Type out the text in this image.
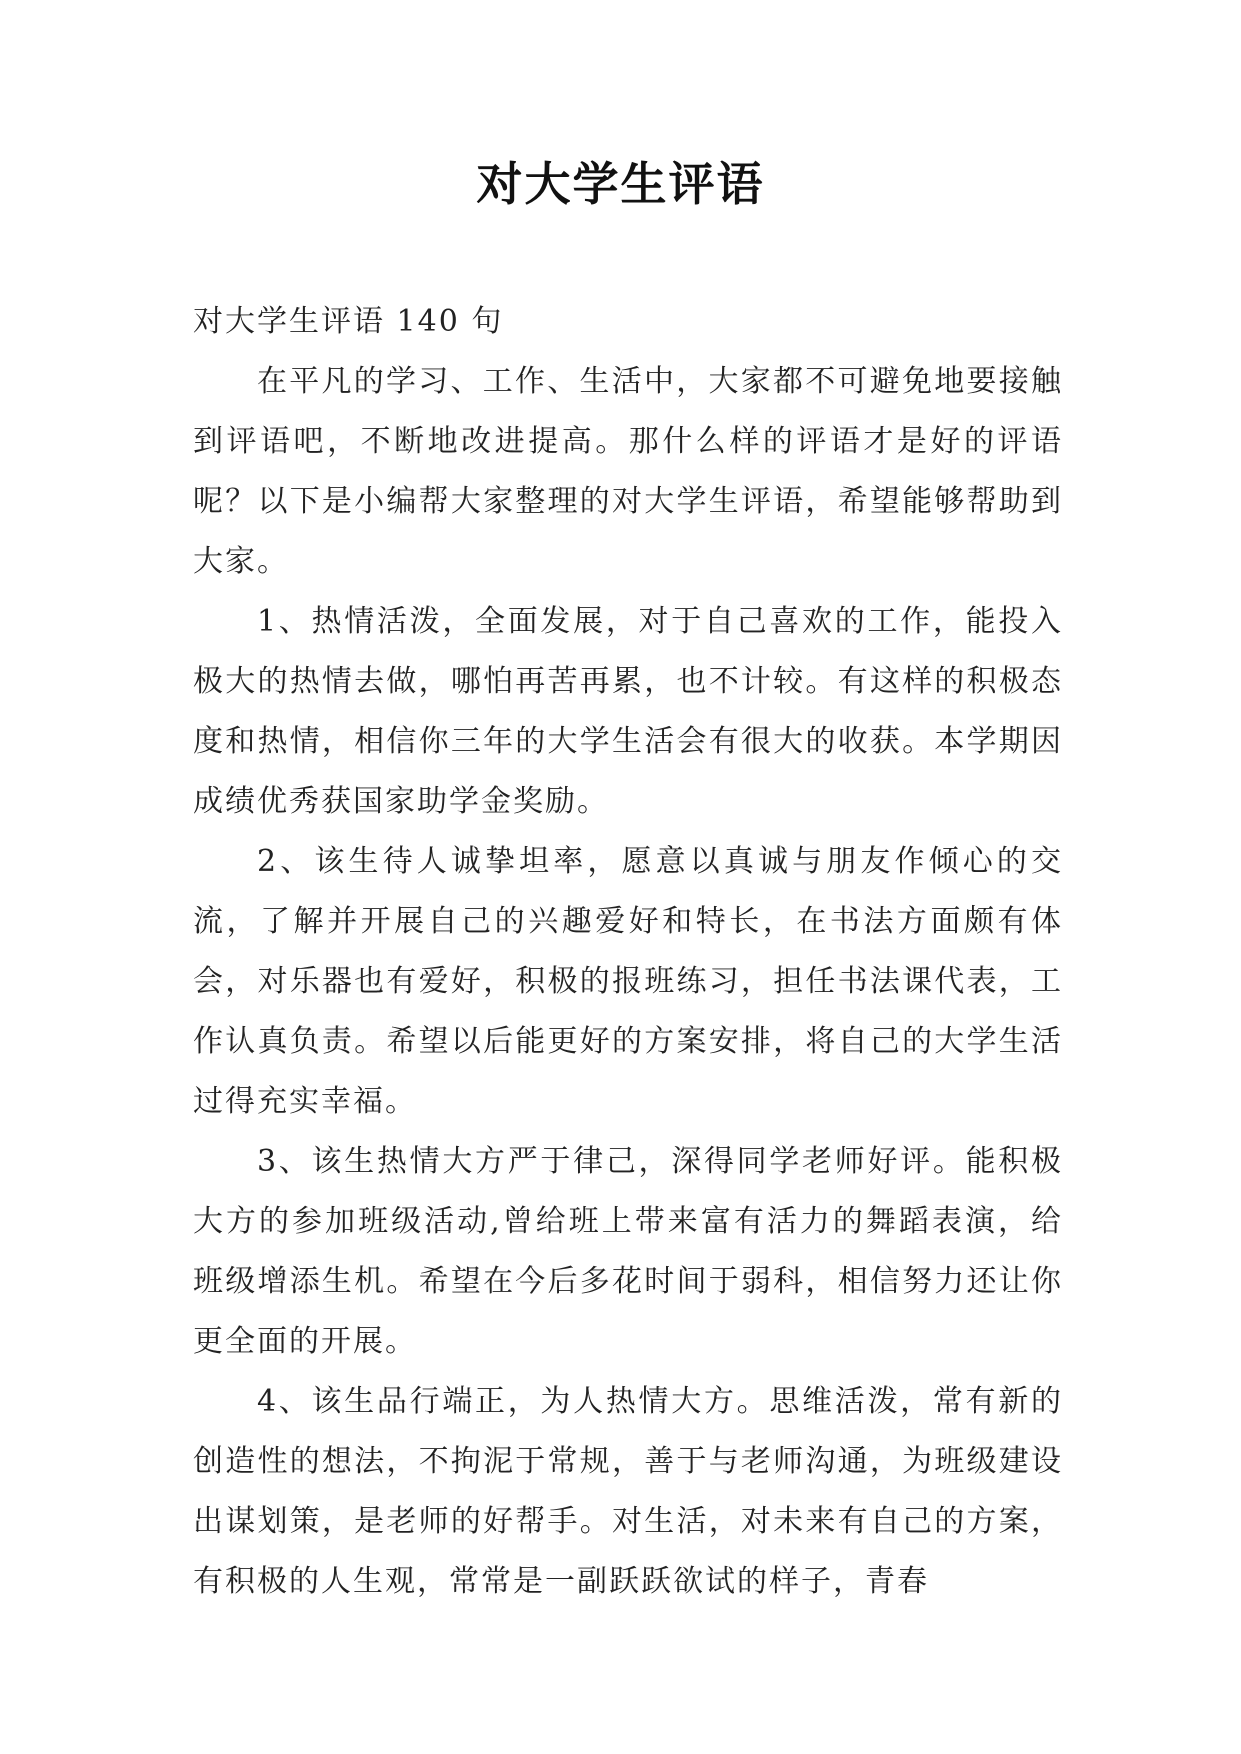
对大学生评语

对大学生评语 140 句

在平凡的学习、工作、生活中，大家都不可避免地要接触到评语吧，不断地改进提高。那什么样的评语才是好的评语呢？以下是小编帮大家整理的对大学生评语，希望能够帮助到大家。

1、热情活泼，全面发展，对于自己喜欢的工作，能投入极大的热情去做，哪怕再苦再累，也不计较。有这样的积极态度和热情，相信你三年的大学生活会有很大的收获。本学期因成绩优秀获国家助学金奖励。

2、该生待人诚挚坦率，愿意以真诚与朋友作倾心的交流，了解并开展自己的兴趣爱好和特长，在书法方面颇有体会，对乐器也有爱好，积极的报班练习，担任书法课代表，工作认真负责。希望以后能更好的方案安排，将自己的大学生活过得充实幸福。

3、该生热情大方严于律己，深得同学老师好评。能积极大方的参加班级活动,曾给班上带来富有活力的舞蹈表演，给班级增添生机。希望在今后多花时间于弱科，相信努力还让你更全面的开展。

4、该生品行端正，为人热情大方。思维活泼，常有新的创造性的想法，不拘泥于常规，善于与老师沟通，为班级建设出谋划策，是老师的好帮手。对生活，对未来有自己的方案，有积极的人生观，常常是一副跃跃欲试的样子，青春
